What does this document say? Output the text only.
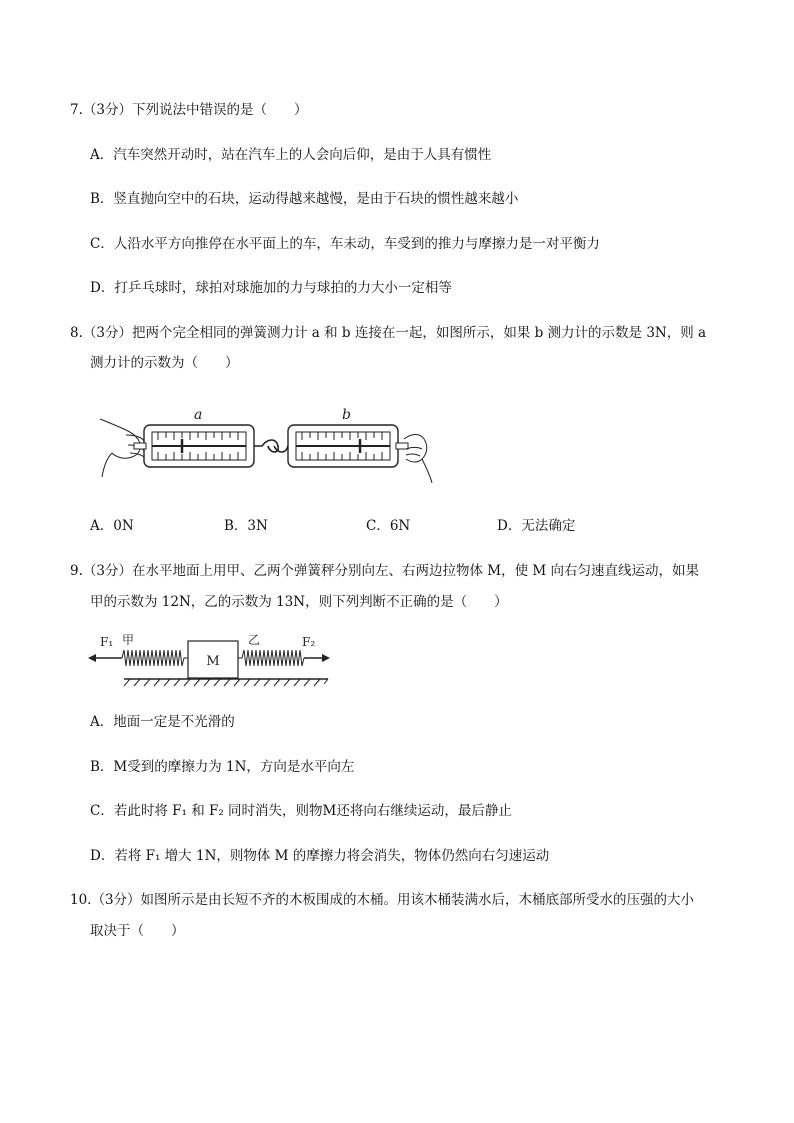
7.（3分）下列说法中错误的是（　　）
A．汽车突然开动时，站在汽车上的人会向后仰，是由于人具有惯性
B．竖直抛向空中的石块，运动得越来越慢，是由于石块的惯性越来越小
C．人沿水平方向推停在水平面上的车，车未动，车受到的推力与摩擦力是一对平衡力
D．打乒乓球时，球拍对球施加的力与球拍的力大小一定相等
8.（3分）把两个完全相同的弹簧测力计 a 和 b 连接在一起，如图所示，如果 b 测力计的示数是 3N，则 a
测力计的示数为（　　）
a	b
A．0N	B．3N	C．6N	D．无法确定
9.（3分）在水平地面上用甲、乙两个弹簧秤分别向左、右两边拉物体 M，使 M 向右匀速直线运动，如果
甲的示数为 12N，乙的示数为 13N，则下列判断不正确的是（　　）
M
F₁ 甲	乙	F₂
A．地面一定是不光滑的
B．M受到的摩擦力为 1N，方向是水平向左
C．若此时将 F₁ 和 F₂ 同时消失，则物M还将向右继续运动，最后静止
D．若将 F₁ 增大 1N，则物体 M 的摩擦力将会消失，物体仍然向右匀速运动
10.（3分）如图所示是由长短不齐的木板围成的木桶。用该木桶装满水后，木桶底部所受水的压强的大小
取决于（　　）
